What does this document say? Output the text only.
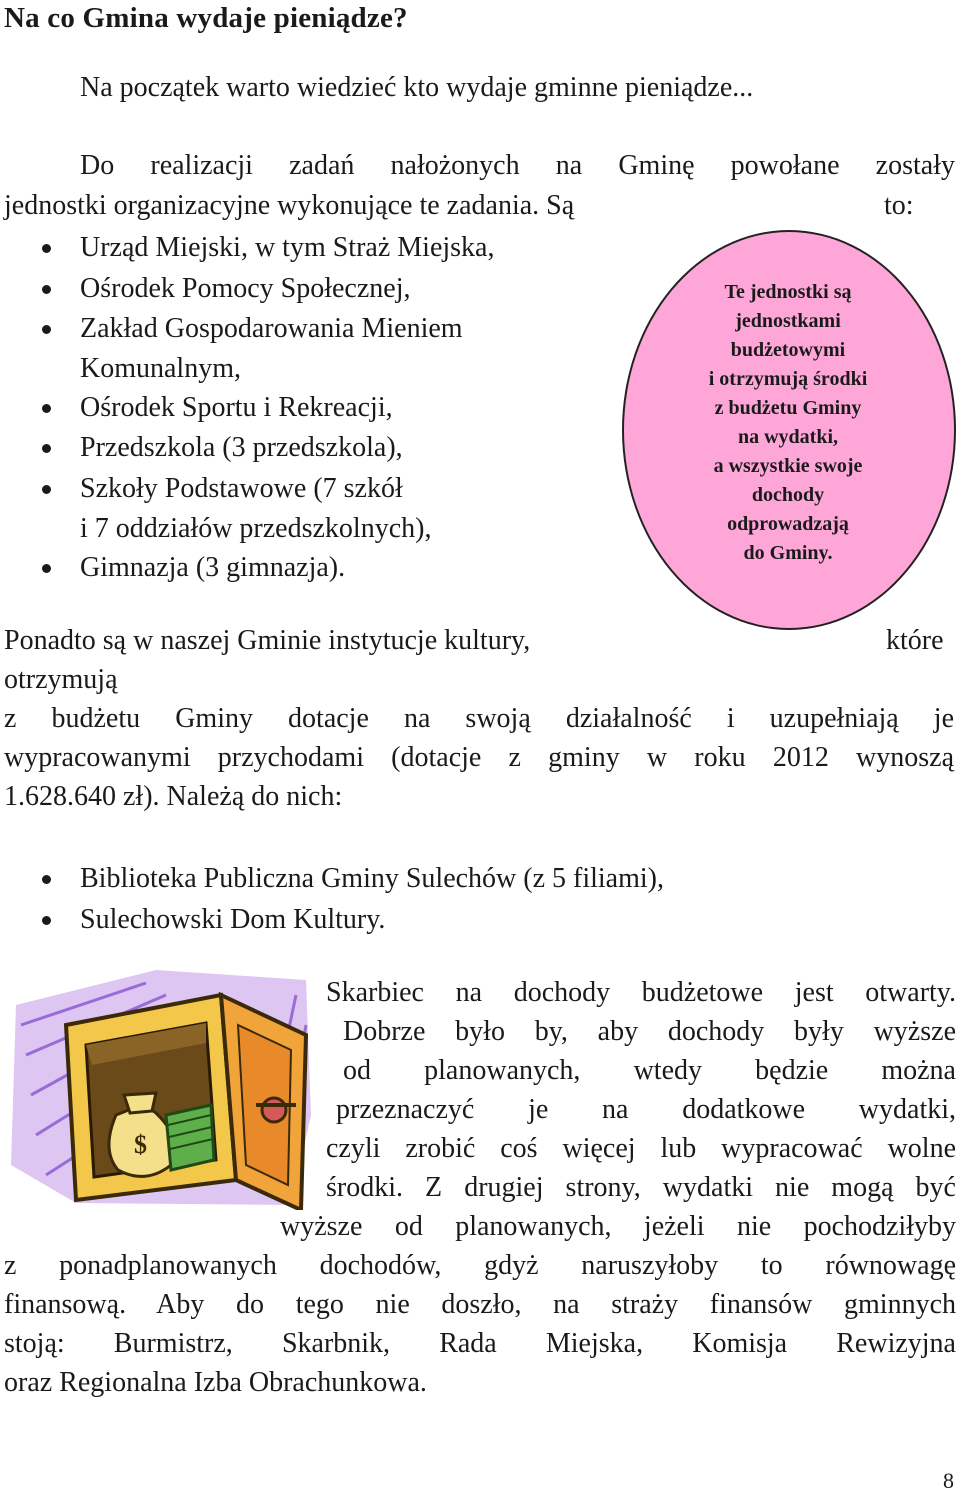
Na co Gmina wydaje pieniądze?
Na początek warto wiedzieć kto wydaje gminne pieniądze...
Do realizacji zadań nałożonych na Gminę powołane zostały
jednostki organizacyjne wykonujące te zadania. Są	to:
Te jednostki są
jednostkami
budżetowymi
i otrzymują środki
z budżetu Gminy
na wydatki,
a wszystkie swoje
dochody
odprowadzają
do Gminy.
Urząd Miejski, w tym Straż Miejska,
Ośrodek Pomocy Społecznej,
Zakład Gospodarowania Mieniem
Komunalnym,
Ośrodek Sportu i Rekreacji,
Przedszkola (3 przedszkola),
Szkoły Podstawowe (7 szkół
i 7 oddziałów przedszkolnych),
Gimnazja (3 gimnazja).
Ponadto są w naszej Gminie instytucje kultury,	które
otrzymują
z budżetu Gminy dotacje na swoją działalność i uzupełniają je
wypracowanymi przychodami (dotacje z gminy w roku 2012 wynoszą
1.628.640 zł). Należą do nich:
Biblioteka Publiczna Gminy Sulechów (z 5 filiami),
Sulechowski Dom Kultury.
$
Skarbiec na dochody budżetowe jest otwarty.
Dobrze było by, aby dochody były wyższe
od planowanych, wtedy będzie można
przeznaczyć je na dodatkowe wydatki,
czyli zrobić coś więcej lub wypracować wolne
środki. Z drugiej strony, wydatki nie mogą być
wyższe od planowanych, jeżeli nie pochodziłyby
z ponadplanowanych dochodów, gdyż naruszyłoby to równowagę
finansową. Aby do tego nie doszło, na straży finansów gminnych
stoją: Burmistrz, Skarbnik, Rada Miejska, Komisja Rewizyjna
oraz Regionalna Izba Obrachunkowa.
8
